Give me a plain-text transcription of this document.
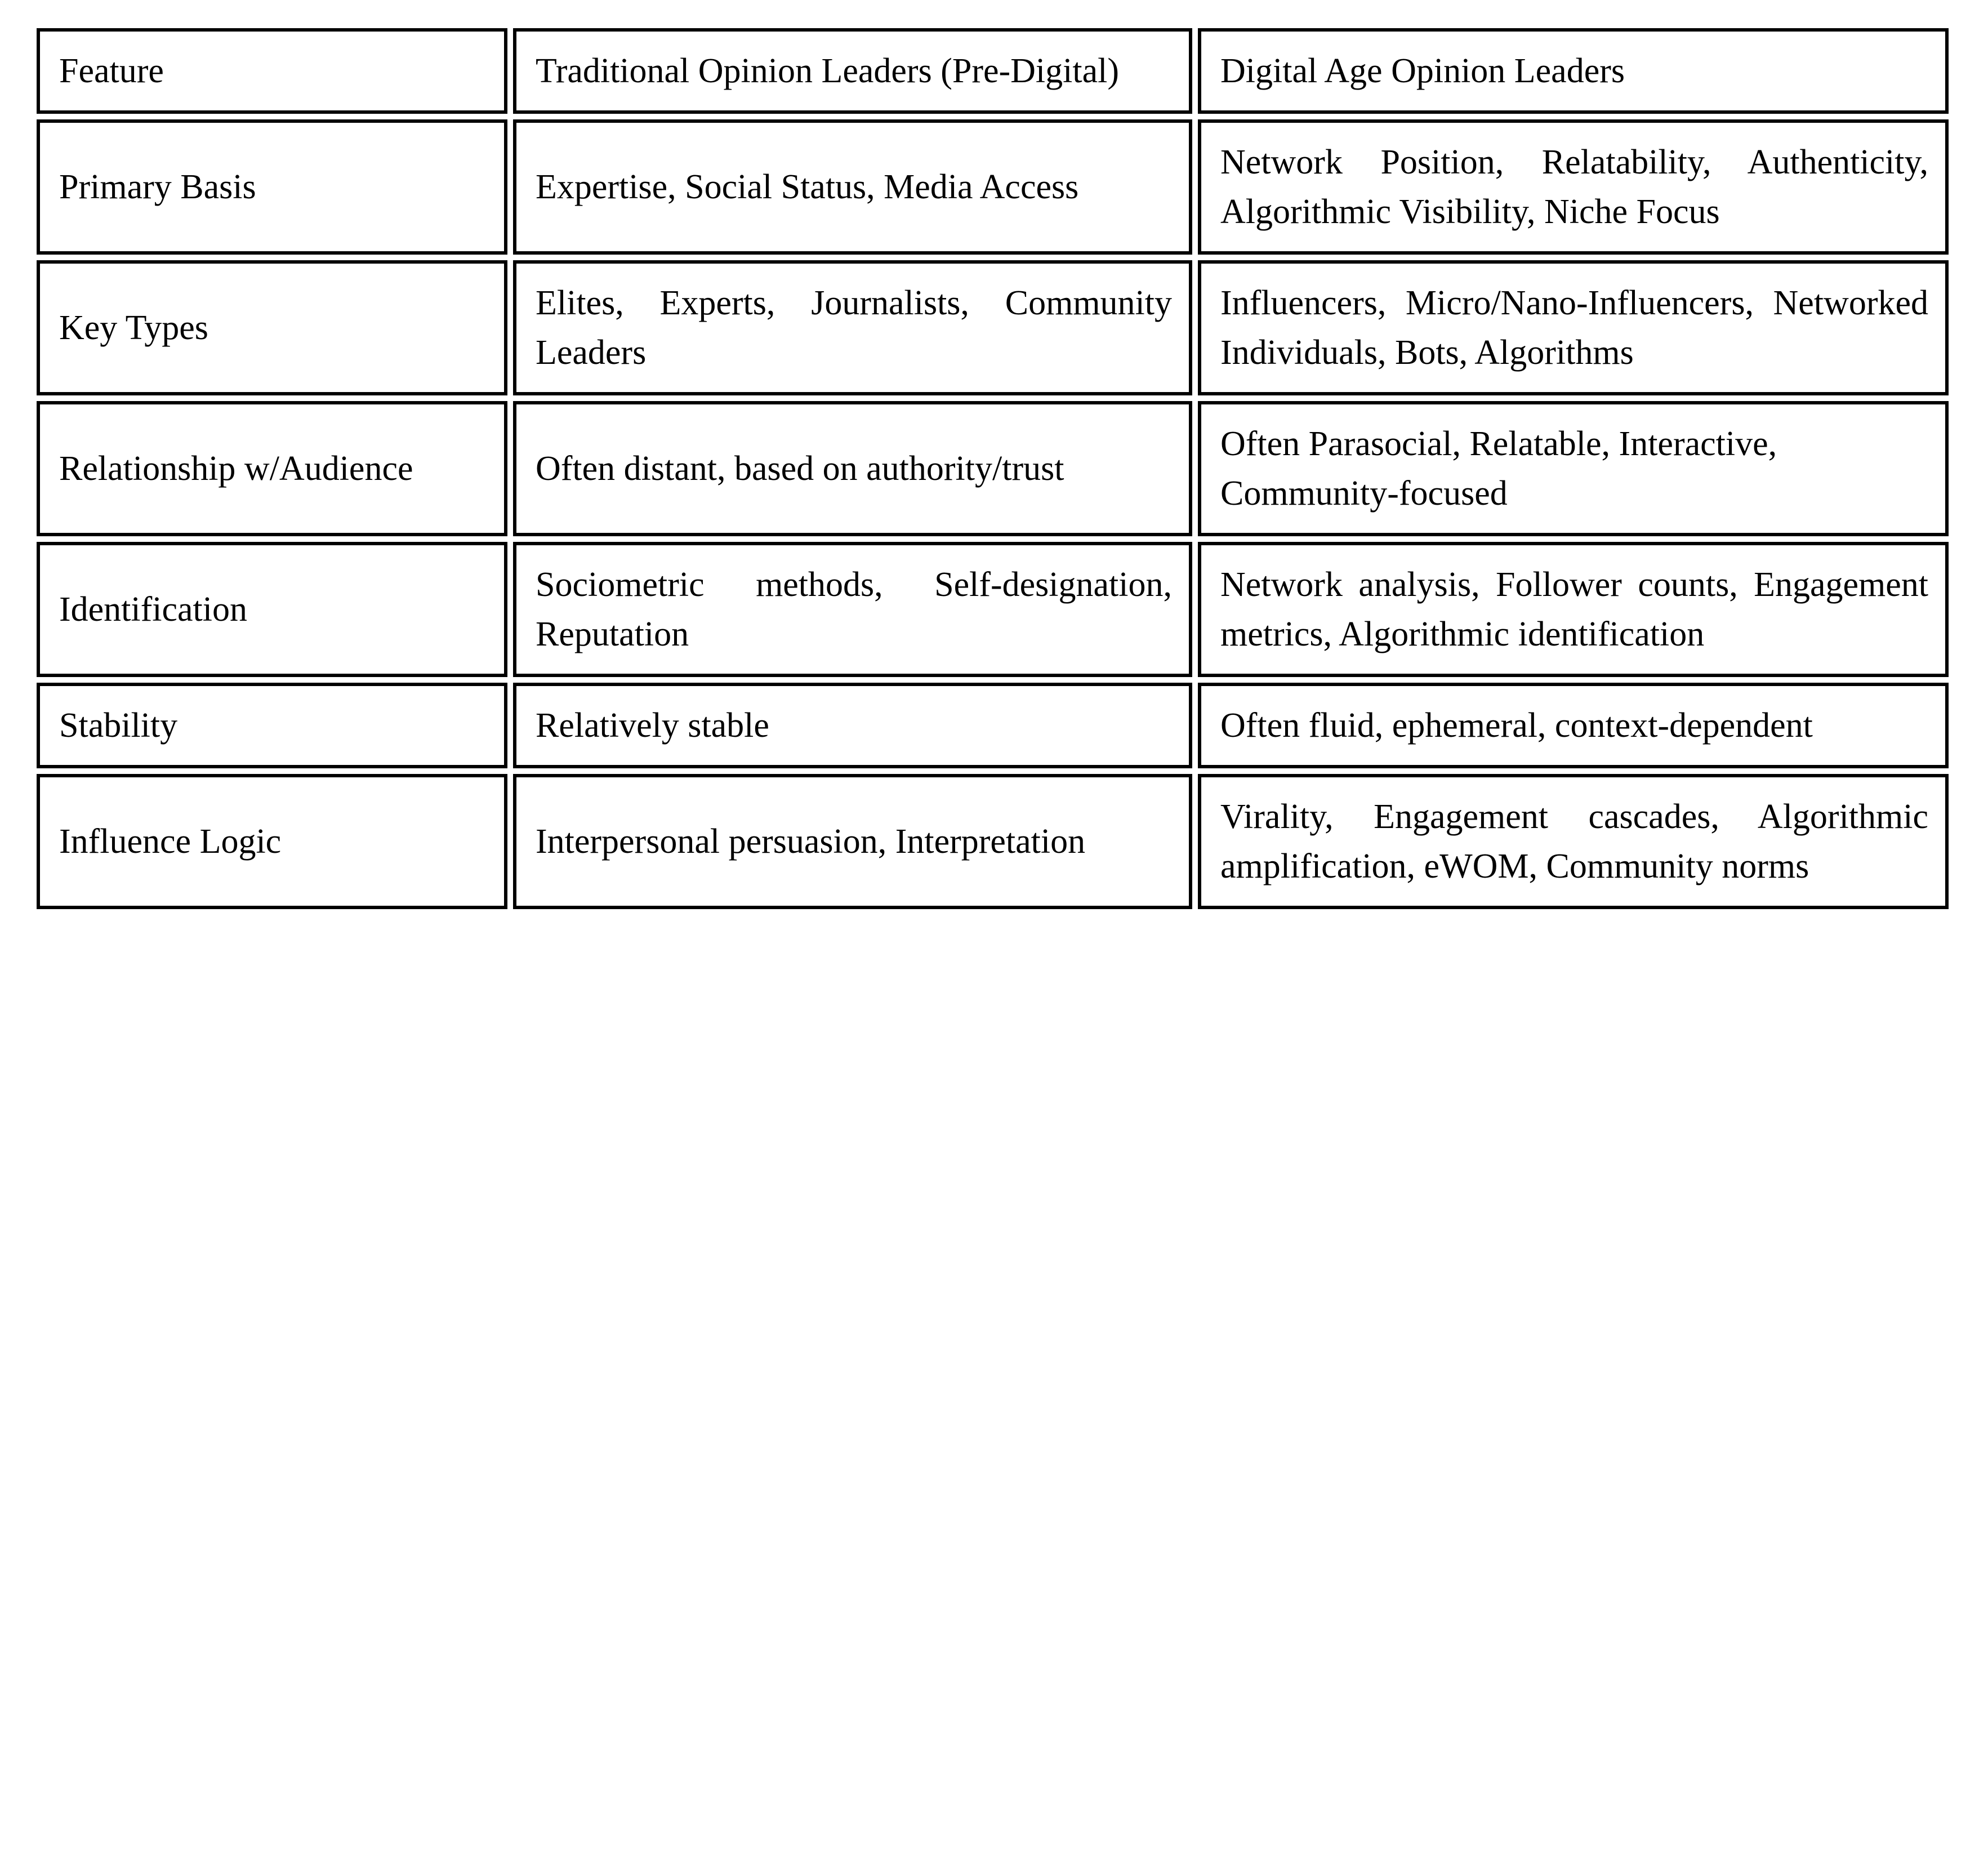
Feature	Traditional Opinion Leaders (Pre-Digital)	Digital Age Opinion Leaders

Primary Basis	Expertise, Social Status, Media Access	Network Position, Relatability, Authenticity, Algorithmic Visibility, Niche Focus

Key Types	Elites, Experts, Journalists, Community Leaders	Influencers, Micro/Nano-Influencers, Networked Individuals, Bots, Algorithms

Relationship w/Audience	Often distant, based on authority/trust	Often Parasocial, Relatable, Interactive, Community-focused

Identification	Sociometric methods, Self-designation, Reputation	Network analysis, Follower counts, Engagement metrics, Algorithmic identification

Stability	Relatively stable	Often fluid, ephemeral, context-dependent

Influence Logic	Interpersonal persuasion, Interpretation	Virality, Engagement cascades, Algorithmic amplification, eWOM, Community norms
